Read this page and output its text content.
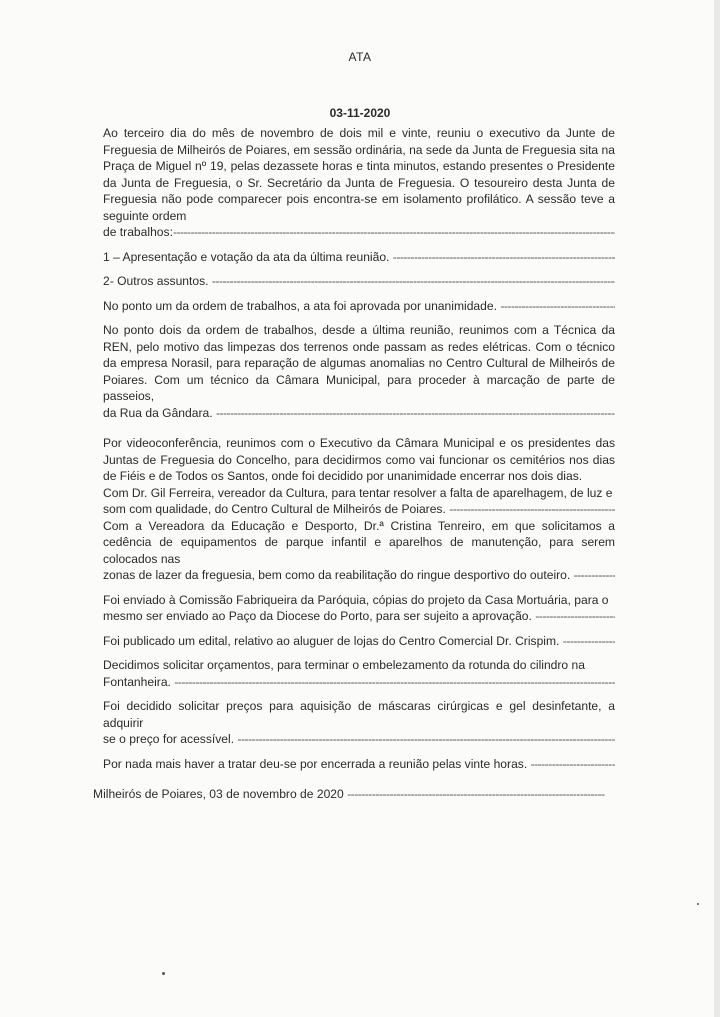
ATA
03-11-2020

Ao terceiro dia do mês de novembro de dois mil e vinte, reuniu o executivo da Junte de Freguesia de Milheirós de Poiares, em sessão ordinária, na sede da Junta de Freguesia sita na Praça de Miguel nº 19, pelas dezassete horas e tinta minutos, estando presentes o Presidente da Junta de Freguesia, o Sr. Secretário da Junta de Freguesia. O tesoureiro desta Junta de Freguesia não pode comparecer pois encontra-se em isolamento profilático. A sessão teve a seguinte ordem

de trabalhos:
-----

1 – Apresentação e votação da ata da última reunião.

-----

2- Outros assuntos.

-----

No ponto um da ordem de trabalhos, a ata foi aprovada por unanimidade.

-----

No ponto dois da ordem de trabalhos, desde a última reunião, reunimos com a Técnica da REN, pelo motivo das limpezas dos terrenos onde passam as redes elétricas. Com o técnico da empresa Norasil, para reparação de algumas anomalias no Centro Cultural de Milheirós de Poiares. Com um técnico da Câmara Municipal, para proceder à marcação de parte de passeios,

da Rua da Gândara.

-----

Por videoconferência, reunimos com o Executivo da Câmara Municipal e os presidentes das Juntas de Freguesia do Concelho, para decidirmos como vai funcionar os cemitérios nos dias de Fiéis e de Todos os Santos, onde foi decidido por unanimidade encerrar nos dois dias.

Com Dr. Gil Ferreira, vereador da Cultura, para tentar resolver a falta de aparelhagem, de luz e

som com qualidade, do Centro Cultural de Milheirós de Poiares.

-----

Com a Vereadora da Educação e Desporto, Dr.ª Cristina Tenreiro, em que solicitamos a cedência de equipamentos de parque infantil e aparelhos de manutenção, para serem colocados nas

zonas de lazer da freguesia, bem como da reabilitação do ringue desportivo do outeiro.

-----

Foi enviado à Comissão Fabriqueira da Paróquia, cópias do projeto da Casa Mortuária, para o

mesmo ser enviado ao Paço da Diocese do Porto, para ser sujeito a aprovação.

-----

Foi publicado um edital, relativo ao aluguer de lojas do Centro Comercial Dr. Crispim.

-----

Decidimos solicitar orçamentos, para terminar o embelezamento da rotunda do cilindro na

Fontanheira.

-----

Foi decidido solicitar preços para aquisição de máscaras cirúrgicas e gel desinfetante, a adquirir

se o preço for acessível.

-----

Por nada mais haver a tratar deu-se por encerrada a reunião pelas vinte horas.

-----

Milheirós de Poiares, 03 de novembro de 2020

-----
